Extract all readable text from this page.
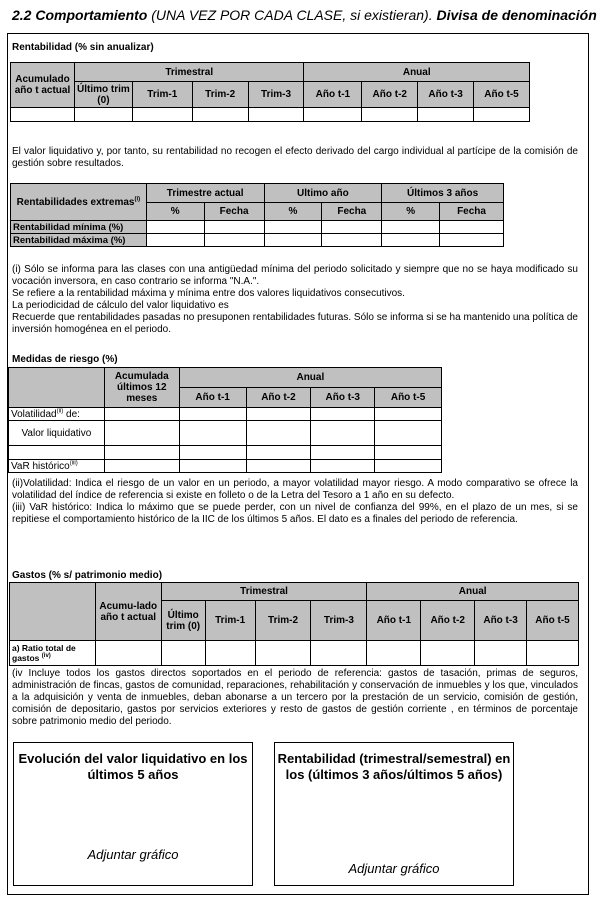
2.2 Comportamiento (UNA VEZ POR CADA CLASE, si existieran). Divisa de denominación
Rentabilidad (% sin anualizar)
Acumulado año t actual	Trimestral				Anual			
	Último trim (0)	Trim-1	Trim-2	Trim-3	Año t-1	Año t-2	Año t-3	Año t-5

El valor liquidativo y, por tanto, su rentabilidad no recogen el efecto derivado del cargo individual al partícipe de la comisión de gestión sobre resultados.
Rentabilidades extremas$^{(i)}$	Trimestre actual		Ultimo año		Últimos 3 años	
	%	Fecha	%	Fecha	%	Fecha
Rentabilidad mínima (%)						
Rentabilidad máxima (%)						

(i) Sólo se informa para las clases con una antigüedad mínima del periodo solicitado y siempre que no se haya modificado su vocación inversora, en caso contrario se informa "N.A.".

Se refiere a la rentabilidad máxima y mínima entre dos valores liquidativos consecutivos.

La periodicidad de cálculo del valor liquidativo es

Recuerde que rentabilidades pasadas no presuponen rentabilidades futuras. Sólo se informa si se ha mantenido una política de inversión homogénea en el periodo.

Medidas de riesgo (%)
	Acumulada últimos 12 meses	Anual			
		Año t-1	Año t-2	Año t-3	Año t-5
Volatilidad$^{(ii)}$ de:					
Valor liquidativo					

VaR histórico$^{(iii)}$					

(ii)Volatilidad: Indica el riesgo de un valor en un periodo, a mayor volatilidad mayor riesgo. A modo comparativo se ofrece la volatilidad del índice de referencia si existe en folleto o de la Letra del Tesoro a 1 año en su defecto.

(iii) VaR histórico: Indica lo máximo que se puede perder, con un nivel de confianza del 99%, en el plazo de un mes, si se repitiese el comportamiento histórico de la IIC de los últimos 5 años. El dato es a finales del periodo de referencia.

Gastos (% s/ patrimonio medio)
	Acumu-lado año t actual	Trimestral				Anual			
		Último trim (0)	Trim-1	Trim-2	Trim-3	Año t-1	Año t-2	Año t-3	Año t-5
a) Ratio total de gastos $^{(iv)}$									
(iv Incluye todos los gastos directos soportados en el periodo de referencia: gastos de tasación, primas de seguros, administración de fincas, gastos de comunidad, reparaciones, rehabilitación y conservación de inmuebles y los que, vinculados a la adquisición y venta de inmuebles, deban abonarse a un tercero por la prestación de un servicio, comisión de gestión, comisión de depositario, gastos por servicios exteriores y resto de gastos de gestión corriente , en términos de porcentaje sobre patrimonio medio del periodo.
Evolución del valor liquidativo en los últimos 5 años
Adjuntar gráfico
Rentabilidad (trimestral/semestral) en los (últimos 3 años/últimos 5 años)
Adjuntar gráfico
